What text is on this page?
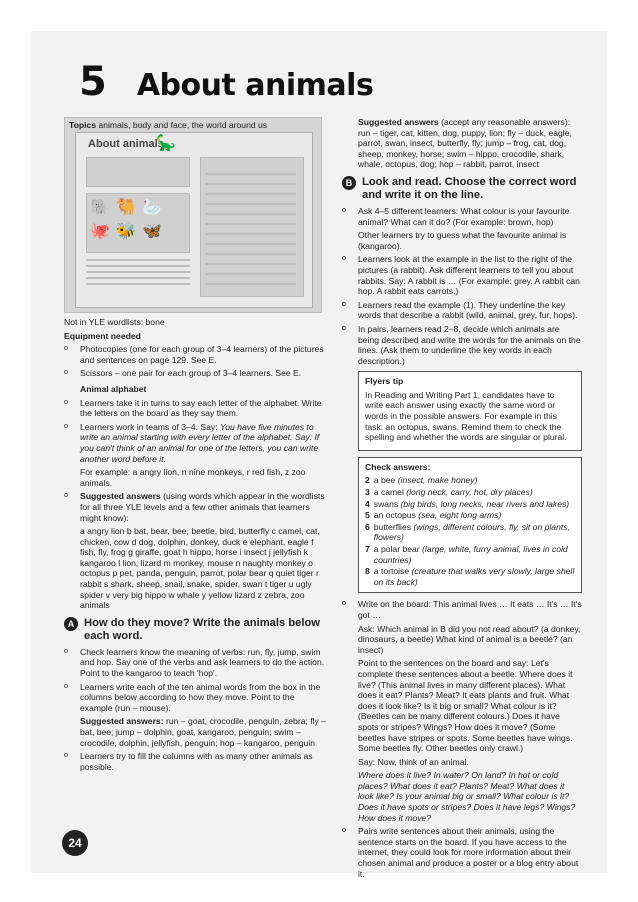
5 About animals
Topics animals, body and face, the world around us
About animals
🦕
🐘 🐫 🦢
🐙 🐝 🦋

Not in YLE wordlists: bone

Equipment needed

o	Photocopies (one for each group of 3–4 learners) of the pictures and sentences on page 129. See E.
o	Scissors – one pair for each group of 3–4 learners. See E.

Animal alphabet

o	Learners take it in turns to say each letter of the alphabet. Write the letters on the board as they say them.
o	Learners work in teams of 3–4. Say: You have five minutes to write an animal starting with every letter of the alphabet. Say: If you can't think of an animal for one of the letters, you can write another word before it.

For example: a angry lion, n nine monkeys, r red fish, z zoo animals.

o	Suggested answers (using words which appear in the wordlists for all three YLE levels and a few other animals that learners might know):

a angry lion b bat, bear, bee, beetle, bird, butterfly c camel, cat, chicken, cow d dog, dolphin, donkey, duck e elephant, eagle f fish, fly, frog g giraffe, goat h hippo, horse i insect j jellyfish k kangaroo l lion, lizard m monkey, mouse n naughty monkey o octopus p pet, panda, penguin, parrot, polar bear q quiet tiger r rabbit s shark, sheep, snail, snake, spider, swan t tiger u ugly spider v very big hippo w whale y yellow lizard z zebra, zoo animals

A How do they move? Write the animals below each word.
o	Check learners know the meaning of verbs: run, fly, jump, swim and hop. Say one of the verbs and ask learners to do the action. Point to the kangaroo to teach 'hop'.
o	Learners write each of the ten animal words from the box in the columns below according to how they move. Point to the example (run – mouse).

Suggested answers: run – goat, crocodile, penguin, zebra; fly – bat, bee; jump – dolphin, goat, kangaroo, penguin; swim – crocodile, dolphin, jellyfish, penguin; hop – kangaroo, penguin

o	Learners try to fill the columns with as many other animals as possible.

Suggested answers (accept any reasonable answers): run – tiger, cat, kitten, dog, puppy, lion; fly – duck, eagle, parrot, swan, insect, butterfly, fly; jump – frog, cat, dog, sheep, monkey, horse; swim – hippo, crocodile, shark, whale, octopus, dog; hop – rabbit, parrot, insect

B Look and read. Choose the correct word and write it on the line.
o	Ask 4–5 different learners: What colour is your favourite animal? What can it do? (For example: brown, hop)

Other learners try to guess what the favourite animal is (kangaroo).

o	Learners look at the example in the list to the right of the pictures (a rabbit). Ask different learners to tell you about rabbits. Say: A rabbit is … (For example: grey. A rabbit can hop. A rabbit eats carrots.)
o	Learners read the example (1). They underline the key words that describe a rabbit (wild, animal, grey, fur, hops).
o	In pairs, learners read 2–8, decide which animals are being described and write the words for the animals on the lines. (Ask them to underline the key words in each description.)

Flyers tip

In Reading and Writing Part 1, candidates have to write each answer using exactly the same word or words in the possible answers. For example in this task: an octopus, swans. Remind them to check the spelling and whether the words are singular or plural.

Check answers:

2 a bee (insect, make honey)
3 a camel (long neck, carry, hot, dry places)
4 swans (big birds, long necks, near rivers and lakes)
5 an octopus (sea, eight long arms)
6 butterflies (wings, different colours, fly, sit on plants, flowers)
7 a polar bear (large, white, furry animal, lives in cold countries)
8 a tortoise (creature that walks very slowly, large shell on its back)
o	Write on the board: This animal lives … It eats … It's … It's got …

Ask: Which animal in B did you not read about? (a donkey, dinosaurs, a beetle) What kind of animal is a beetle? (an insect)

Point to the sentences on the board and say: Let's complete these sentences about a beetle. Where does it live? (This animal lives in many different places). What does it eat? Plants? Meat? It eats plants and fruit. What does it look like? Is it big or small? What colour is it? (Beetles can be many different colours.) Does it have spots or stripes? Wings? How does it move? (Some beetles have stripes or spots. Some beetles have wings. Some beetles fly. Other beetles only crawl.)

Say: Now, think of an animal.

Where does it live? In water? On land? In hot or cold places? What does it eat? Plants? Meat? What does it look like? Is your animal big or small? What colour is it? Does it have spots or stripes? Does it have legs? Wings? How does it move?

o	Pairs write sentences about their animals, using the sentence starts on the board. If you have access to the internet, they could look for more information about their chosen animal and produce a poster or a blog entry about it.
24
